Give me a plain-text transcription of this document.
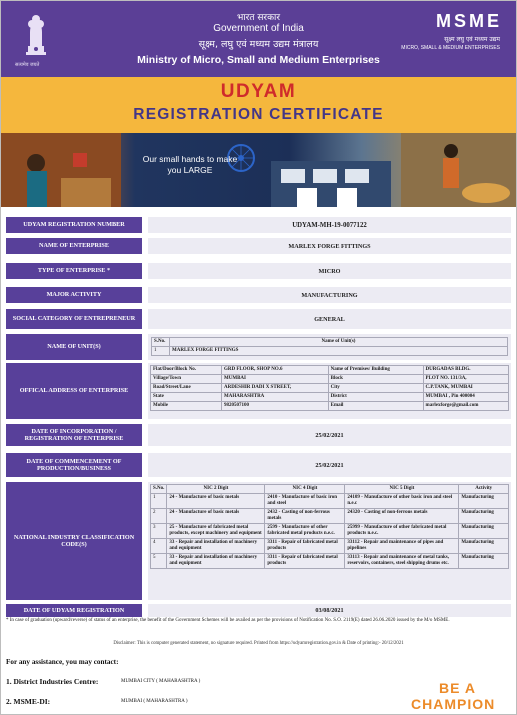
सत्यमेव जयते
भारत सरकार
Government of India
सूक्ष्म, लघु एवं मध्यम उद्यम मंत्रालय
Ministry of Micro, Small and Medium Enterprises
MSME
सूक्ष्म लघु एवं मध्यम उद्यम
MICRO, SMALL & MEDIUM ENTERPRISES
UDYAM
REGISTRATION CERTIFICATE
Our small hands to make you LARGE
UDYAM REGISTRATION NUMBER	UDYAM-MH-19-0077122
NAME OF ENTERPRISE	MARLEX FORGE FITTINGS
TYPE OF ENTERPRISE *	MICRO
MAJOR ACTIVITY	MANUFACTURING
SOCIAL CATEGORY OF ENTREPRENEUR	GENERAL
NAME OF UNIT(S)
S.No.	Name of Unit(s)
1	MARLEX FORGE FITTINGS
OFFICAL ADDRESS OF ENTERPRISE
Flat/Door/Block No.	GRD FLOOR, SHOP NO.6	Name of Premises/ Building	DURGADAS BLDG.
Village/Town	MUMBAI	Block	PLOT NO. 131/3A,
Road/Street/Lane	ARDESHIR DADI X STREET,	City	C.P.TANK, MUMBAI
State	MAHARASHTRA	District	MUMBAI , Pin 400004
Mobile	9820507100	Email	marlexforge@gmail.com
DATE OF INCORPORATION / REGISTRATION OF ENTERPRISE	25/02/2021
DATE OF COMMENCEMENT OF PRODUCTION/BUSINESS	25/02/2021
NATIONAL INDUSTRY CLASSIFICATION CODE(S)
S.No.	NIC 2 Digit	NIC 4 Digit	NIC 5 Digit	Activity
1	24 - Manufacture of basic metals	2410 - Manufacture of basic iron and steel	24109 - Manufacture of other basic iron and steel n.e.c	Manufacturing
2	24 - Manufacture of basic metals	2432 - Casting of non-ferrous metals	24320 - Casting of non-ferrous metals	Manufacturing
3	25 - Manufacture of fabricated metal products, except machinery and equipment	2599 - Manufacture of other fabricated metal products n.e.c.	25999 - Manufacture of other fabricated metal products n.e.c.	Manufacturing
4	33 - Repair and installation of machinery and equipment	3311 - Repair of fabricated metal products	33112 - Repair and maintenance of pipes and pipelines	Manufacturing
5	33 - Repair and installation of machinery and equipment	3311 - Repair of fabricated metal products	33113 - Repair and maintenance of metal tanks, reservoirs, containers, steel shipping drums etc.	Manufacturing
DATE OF UDYAM REGISTRATION	03/08/2021
* In case of graduation (upward/reverse) of status of an enterprise, the benefit of the Government Schemes will be availed as per the provisions of Notification No. S.O. 2119(E) dated 26.06.2020 issued by the M/o MSME.
Disclaimer: This is computer generated statement, no signature required. Printed from https://udyamregistration.gov.in & Date of printing:- 20/12/2021
For any assistance, you may contact:
1. District Industries Centre:	MUMBAI CITY ( MAHARASHTRA )
2. MSME-DI:	MUMBAI ( MAHARASHTRA )
BE A
CHAMPION
